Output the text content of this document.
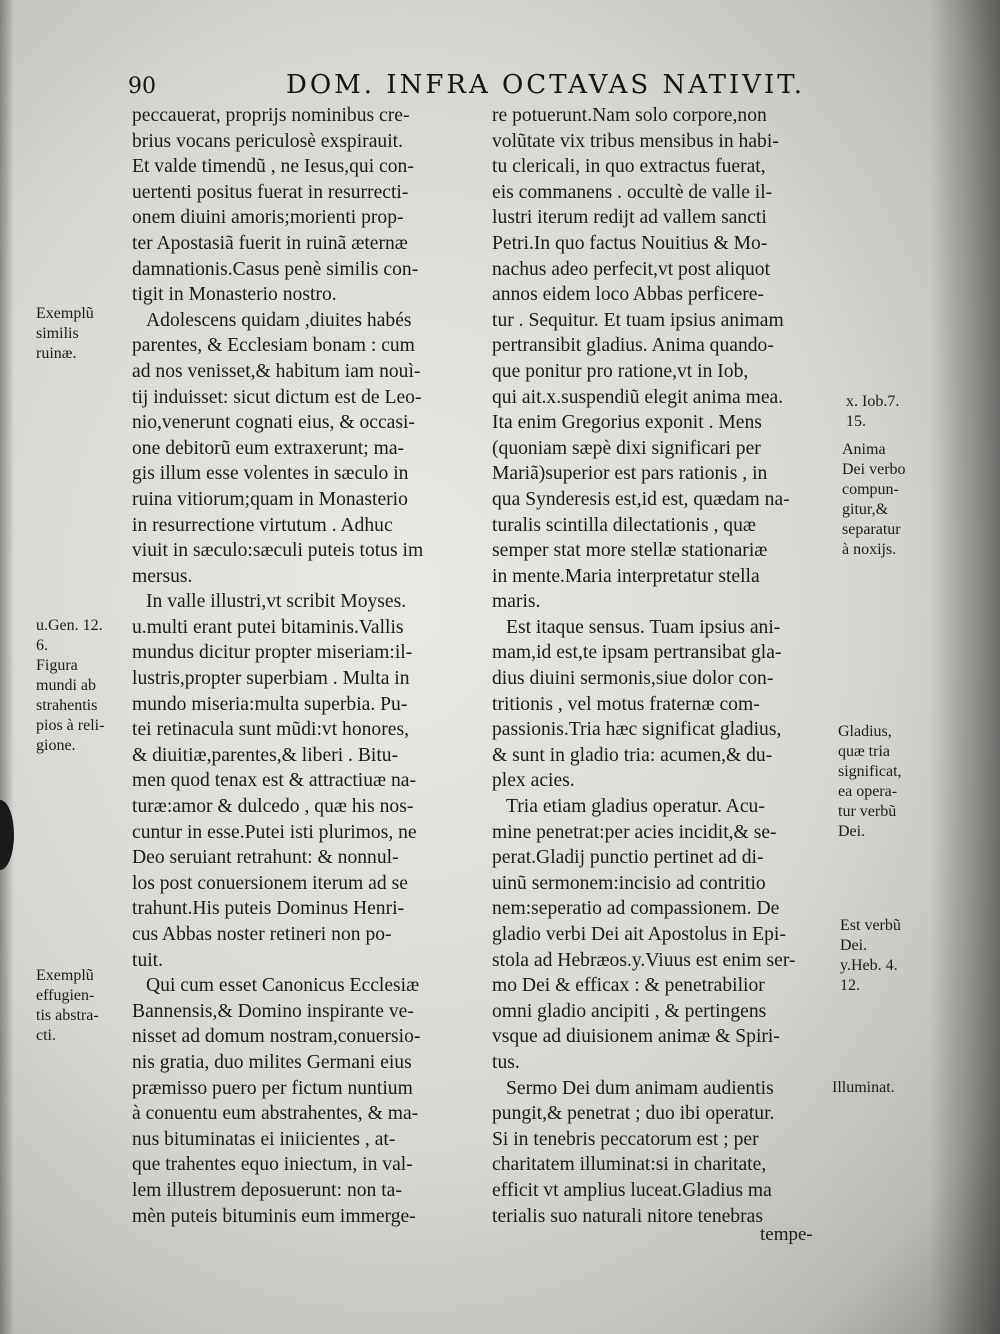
90	DOM. INFRA OCTAVAS NATIVIT.

peccauerat, proprijs nominibus cre-

brius vocans periculosè exspirauit.

Et valde timendũ , ne Iesus,qui con-

uertenti positus fuerat in resurrecti-

onem diuini amoris;morienti prop-

ter Apostasiã fuerit in ruinã æternæ

damnationis.Casus penè similis con-

tigit in Monasterio nostro.

Adolescens quidam ,diuites habés

parentes, & Ecclesiam bonam : cum

ad nos venisset,& habitum iam nouì-

tij induisset: sicut dictum est de Leo-

nio,venerunt cognati eius, & occasi-

one debitorũ eum extraxerunt; ma-

gis illum esse volentes in sæculo in

ruina vitiorum;quam in Monasterio

in resurrectione virtutum . Adhuc

viuit in sæculo:sæculi puteis totus im

mersus.

In valle illustri,vt scribit Moyses.

u.multi erant putei bitaminis.Vallis

mundus dicitur propter miseriam:il-

lustris,propter superbiam . Multa in

mundo miseria:multa superbia. Pu-

tei retinacula sunt mũdi:vt honores,

& diuitiæ,parentes,& liberi . Bitu-

men quod tenax est & attractiuæ na-

turæ:amor & dulcedo , quæ his nos-

cuntur in esse.Putei isti plurimos, ne

Deo seruiant retrahunt: & nonnul-

los post conuersionem iterum ad se

trahunt.His puteis Dominus Henri-

cus Abbas noster retineri non po-

tuit.

Qui cum esset Canonicus Ecclesiæ

Bannensis,& Domino inspirante ve-

nisset ad domum nostram,conuersio-

nis gratia, duo milites Germani eius

præmisso puero per fictum nuntium

à conuentu eum abstrahentes, & ma-

nus bituminatas ei iniicientes , at-

que trahentes equo iniectum, in val-

lem illustrem deposuerunt: non ta-

mèn puteis bituminis eum immerge-

re potuerunt.Nam solo corpore,non

volũtate vix tribus mensibus in habi-

tu clericali, in quo extractus fuerat,

eis commanens . occultè de valle il-

lustri iterum redijt ad vallem sancti

Petri.In quo factus Nouitius & Mo-

nachus adeo perfecit,vt post aliquot

annos eidem loco Abbas perficere-

tur . Sequitur. Et tuam ipsius animam

pertransibit gladius. Anima quando-

que ponitur pro ratione,vt in Iob,

qui ait.x.suspendiũ elegit anima mea.

Ita enim Gregorius exponit . Mens

(quoniam sæpè dixi significari per

Mariã)superior est pars rationis , in

qua Synderesis est,id est, quædam na-

turalis scintilla dilectationis , quæ

semper stat more stellæ stationariæ

in mente.Maria interpretatur stella

maris.

Est itaque sensus. Tuam ipsius ani-

mam,id est,te ipsam pertransibat gla-

dius diuini sermonis,siue dolor con-

tritionis , vel motus fraternæ com-

passionis.Tria hæc significat gladius,

& sunt in gladio tria: acumen,& du-

plex acies.

Tria etiam gladius operatur. Acu-

mine penetrat:per acies incidit,& se-

perat.Gladij punctio pertinet ad di-

uinũ sermonem:incisio ad contritio

nem:seperatio ad compassionem. De

gladio verbi Dei ait Apostolus in Epi-

stola ad Hebræos.y.Viuus est enim ser-

mo Dei & efficax : & penetrabilior

omni gladio ancipiti , & pertingens

vsque ad diuisionem animæ & Spiri-

tus.

Sermo Dei dum animam audientis

pungit,& penetrat ; duo ibi operatur.

Si in tenebris peccatorum est ; per

charitatem illuminat:si in charitate,

efficit vt amplius luceat.Gladius ma

terialis suo naturali nitore tenebras

Exemplũ
similis
ruinæ.
u.Gen. 12.
6.
Figura
mundi ab
strahentis
pios à reli-
gione.
Exemplũ
effugien-
tis abstra-
cti.
x. Iob.7.
15.
Anima
Dei verbo
compun-
gitur,&
separatur
à noxijs.
Gladius,
quæ tria
significat,
ea opera-
tur verbũ
Dei.
Est verbũ
Dei.
y.Heb. 4.
12.
Illuminat.
tempe-
